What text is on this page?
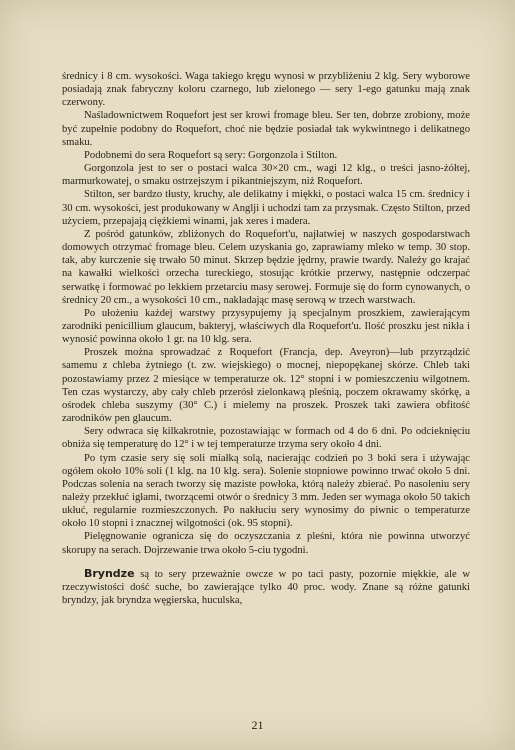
średnicy i 8 cm. wysokości. Waga takiego kręgu wynosi w przybliżeniu 2 klg. Sery wyborowe posiadają znak fabryczny koloru czarnego, lub zielonego — sery 1-ego gatunku mają znak czerwony.

Naśladownictwem Roquefort jest ser krowi fromage bleu. Ser ten, dobrze zrobiony, może być zupełnie podobny do Roquefort, choć nie będzie posiadał tak wykwintnego i delikatnego smaku.

Podobnemi do sera Roquefort są sery: Gorgonzola i Stilton.

Gorgonzola jest to ser o postaci walca 30×20 cm., wagi 12 klg., o treści jasno-żółtej, marmurkowatej, o smaku ostrzejszym i pikantniejszym, niż Roquefort.

Stilton, ser bardzo tłusty, kruchy, ale delikatny i miękki, o postaci walca 15 cm. średnicy i 30 cm. wysokości, jest produkowany w Anglji i uchodzi tam za przysmak. Często Stilton, przed użyciem, przepajają ciężkiemi winami, jak xeres i madera.

Z pośród gatunków, zbliżonych do Roquefort'u, najłatwiej w naszych gospodarstwach domowych otrzymać fromage bleu. Celem uzyskania go, zaprawiamy mleko w temp. 30 stop. tak, aby kurczenie się trwało 50 minut. Skrzep będzie jędrny, prawie twardy. Należy go krajać na kawałki wielkości orzecha tureckiego, stosując krótkie przerwy, następnie odczerpać serwatkę i formować po lekkiem przetarciu masy serowej. Formuje się do form cynowanych, o średnicy 20 cm., a wysokości 10 cm., nakładając masę serową w trzech warstwach.

Po ułożeniu każdej warstwy przysypujemy ją specjalnym proszkiem, zawierającym zarodniki penicillium glaucum, bakteryj, właściwych dla Roquefort'u. Ilość proszku jest nikła i wynosić powinna około 1 gr. na 10 klg. sera.

Proszek można sprowadzać z Roquefort (Francja, dep. Aveyron)—lub przyrządzić samemu z chleba żytniego (t. zw. wiejskiego) o mocnej, niepopękanej skórze. Chleb taki pozostawiamy przez 2 miesiące w temperaturze ok. 12° stopni i w pomieszczeniu wilgotnem. Ten czas wystarczy, aby cały chleb przerósł zielonkawą pleśnią, poczem okrawamy skórkę, a ośrodek chleba suszymy (30° C.) i mielemy na proszek. Proszek taki zawiera obfitość zarodników pen glaucum.

Sery odwraca się kilkakrotnie, pozostawiając w formach od 4 do 6 dni. Po odcieknięciu obniża się temperaturę do 12° i w tej temperaturze trzyma sery około 4 dni.

Po tym czasie sery się soli miałką solą, nacierając codzień po 3 boki sera i używając ogółem około 10% soli (1 klg. na 10 klg. sera). Solenie stopniowe powinno trwać około 5 dni. Podczas solenia na serach tworzy się maziste powłoka, którą należy zbierać. Po nasoleniu sery należy przekłuć igłami, tworzącemi otwór o średnicy 3 mm. Jeden ser wymaga około 50 takich ukłuć, regularnie rozmieszczonych. Po nakłuciu sery wynosimy do piwnic o temperaturze około 10 stopni i znacznej wilgotności (ok. 95 stopni).

Pielęgnowanie ogranicza się do oczyszczania z pleśni, która nie powinna utworzyć skorupy na serach. Dojrzewanie trwa około 5-ciu tygodni.

Bryndze są to sery przeważnie owcze w po taci pasty, pozornie miękkie, ale w rzeczywistości dość suche, bo zawierające tylko 40 proc. wody. Znane są różne gatunki bryndzy, jak bryndza węgierska, huculska,

21
